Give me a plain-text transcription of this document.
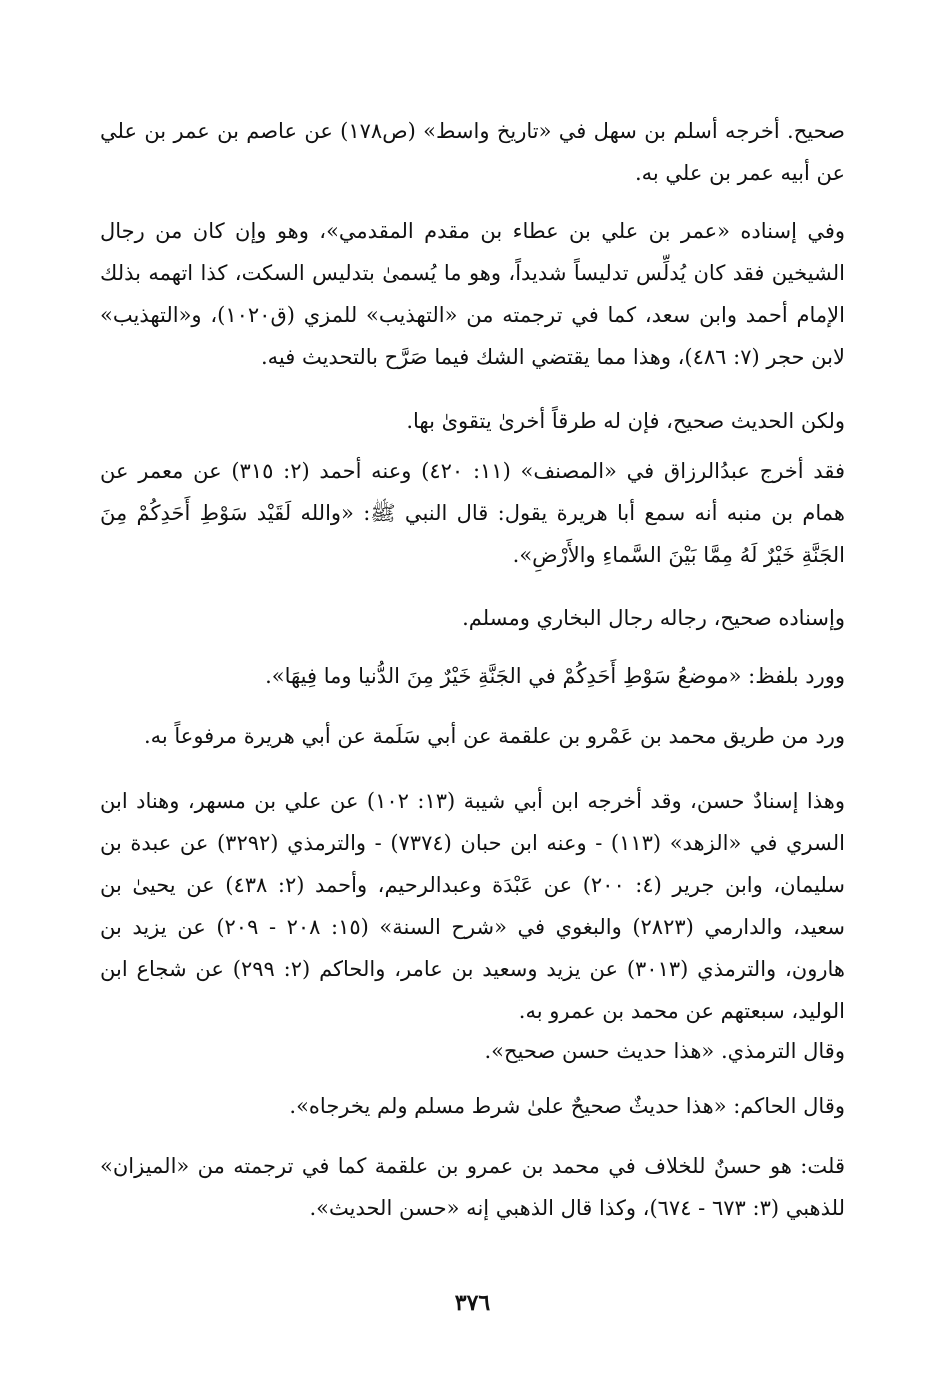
صحيح. أخرجه أسلم بن سهل في «تاريخ واسط» (ص١٧٨) عن عاصم بن عمر بن علي عن أبيه عمر بن علي به.
وفي إسناده «عمر بن علي بن عطاء بن مقدم المقدمي»، وهو وإن كان من رجال الشيخين فقد كان يُدلِّس تدليساً شديداً، وهو ما يُسمىٰ بتدليس السكت، كذا اتهمه بذلك الإمام أحمد وابن سعد، كما في ترجمته من «التهذيب» للمزي (ق١٠٢٠)، و«التهذيب» لابن حجر (٧: ٤٨٦)، وهذا مما يقتضي الشك فيما صَرَّح بالتحديث فيه.
ولكن الحديث صحيح، فإن له طرقاً أخرىٰ يتقوىٰ بها.
فقد أخرج عبدُالرزاق في «المصنف» (١١: ٤٢٠) وعنه أحمد (٢: ٣١٥) عن معمر عن همام بن منبه أنه سمع أبا هريرة يقول: قال النبي ﷺ: «والله لَقَيْد سَوْطِ أَحَدِكُمْ مِنَ الجَنَّةِ خَيْرٌ لَهُ مِمَّا بَيْنَ السَّماءِ والأَرْضِ».
وإسناده صحيح، رجاله رجال البخاري ومسلم.
وورد بلفظ: «موضعُ سَوْطِ أَحَدِكُمْ في الجَنَّةِ خَيْرٌ مِنَ الدُّنيا وما فِيهَا».
ورد من طريق محمد بن عَمْرو بن علقمة عن أبي سَلَمة عن أبي هريرة مرفوعاً به.
وهذا إسنادٌ حسن، وقد أخرجه ابن أبي شيبة (١٣: ١٠٢) عن علي بن مسهر، وهناد ابن السري في «الزهد» (١١٣) - وعنه ابن حبان (٧٣٧٤) - والترمذي (٣٢٩٢) عن عبدة بن سليمان، وابن جرير (٤: ٢٠٠) عن عَبْدَة وعبدالرحيم، وأحمد (٢: ٤٣٨) عن يحيىٰ بن سعيد، والدارمي (٢٨٢٣) والبغوي في «شرح السنة» (١٥: ٢٠٨ - ٢٠٩) عن يزيد بن هارون، والترمذي (٣٠١٣) عن يزيد وسعيد بن عامر، والحاكم (٢: ٢٩٩) عن شجاع ابن الوليد، سبعتهم عن محمد بن عمرو به.
وقال الترمذي. «هذا حديث حسن صحيح».
وقال الحاكم: «هذا حديثٌ صحيحٌ علىٰ شرط مسلم ولم يخرجاه».
قلت: هو حسنٌ للخلاف في محمد بن عمرو بن علقمة كما في ترجمته من «الميزان» للذهبي (٣: ٦٧٣ - ٦٧٤)، وكذا قال الذهبي إنه «حسن الحديث».
٣٧٦
